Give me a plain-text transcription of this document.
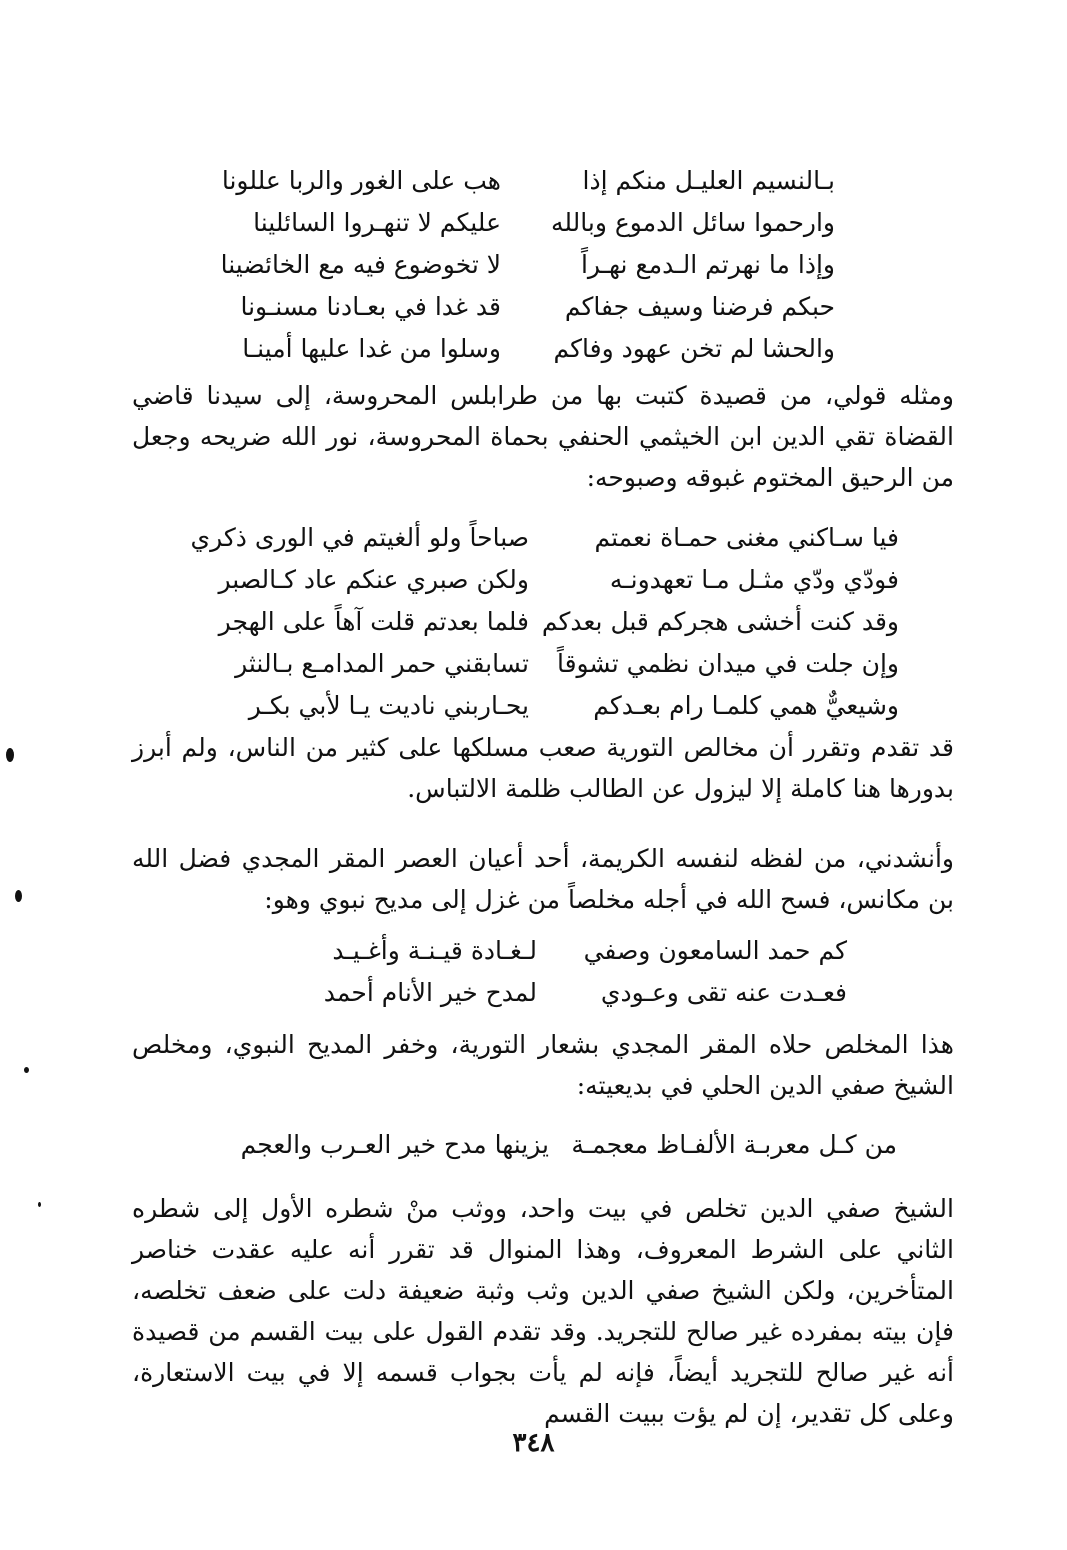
بـالنسيم العليـل منكم إذا
هب على الغور والربا عللونا
وارحموا سائل الدموع وبالله
عليكم لا تنهـروا السائلينا
وإذا ما نهرتم الـدمع نهـراً
لا تخوضوع فيه مع الخائضينا
حبكم فرضنا وسيف جفاكم
قد غدا في بعـادنا مسنـونا
والحشا لم تخن عهود وفاكم
وسلوا من غدا عليها أمينـا

ومثله قولي، من قصيدة كتبت بها من طرابلس المحروسة، إلى سيدنا قاضي القضاة تقي الدين ابن الخيثمي الحنفي بحماة المحروسة، نور الله ضريحه وجعل من الرحيق المختوم غبوقه وصبوحه:

فيا سـاكني مغنى حمـاة نعمتم
صباحاً ولو ألغيتم في الورى ذكري
فودّي ودّي مثـل مـا تعهدونـه
ولكن صبري عنكم عاد كـالصبر
وقد كنت أخشى هجركم قبل بعدكم
فلما بعدتم قلت آهاً على الهجر
وإن جلت في ميدان نظمي تشوقاً
تسابقني حمر المدامـع بـالنثر
وشيعيٌّ همي كلمـا رام بعـدكم
يحـاربني ناديت يـا لأبي بكـر

قد تقدم وتقرر أن مخالص التورية صعب مسلكها على كثير من الناس، ولم أبرز بدورها هنا كاملة إلا ليزول عن الطالب ظلمة الالتباس.

وأنشدني، من لفظه لنفسه الكريمة، أحد أعيان العصر المقر المجدي فضل الله بن مكانس، فسح الله في أجله مخلصاً من غزل إلى مديح نبوي وهو:

كم حمد السامعون وصفي
لـغـادة قيـنـة وأغـيـد
فعـدت عنه تقى وعـودي
لمدح خير الأنام أحمد

هذا المخلص حلاه المقر المجدي بشعار التورية، وخفر المديح النبوي، ومخلص الشيخ صفي الدين الحلي في بديعيته:

من كـل معربـة الألفـاظ معجمـة
يزينها مدح خير العـرب والعجم

الشيخ صفي الدين تخلص في بيت واحد، ووثب منْ شطره الأول إلى شطره الثاني على الشرط المعروف، وهذا المنوال قد تقرر أنه عليه عقدت خناصر المتأخرين، ولكن الشيخ صفي الدين وثب وثبة ضعيفة دلت على ضعف تخلصه، فإن بيته بمفرده غير صالح للتجريد. وقد تقدم القول على بيت القسم من قصيدة أنه غير صالح للتجريد أيضاً، فإنه لم يأت بجواب قسمه إلا في بيت الاستعارة، وعلى كل تقدير، إن لم يؤت ببيت القسم

٣٤٨
